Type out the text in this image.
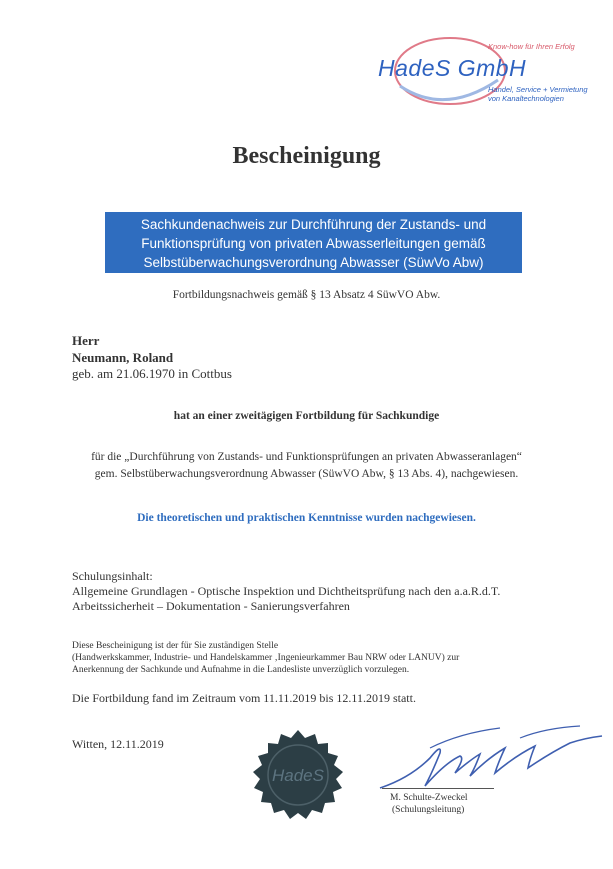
Know-how für Ihren Erfolg
HadeS GmbH
Handel, Service + Vermietung
von Kanaltechnologien
Bescheinigung
Sachkundenachweis zur Durchführung der Zustands- und
Funktionsprüfung von privaten Abwasserleitungen gemäß
Selbstüberwachungsverordnung Abwasser (SüwVo Abw)
Fortbildungsnachweis gemäß § 13 Absatz 4 SüwVO Abw.
Herr
Neumann, Roland
geb. am 21.06.1970 in Cottbus
hat an einer zweitägigen Fortbildung für Sachkundige
für die „Durchführung von Zustands- und Funktionsprüfungen an privaten Abwasseranlagen“
gem. Selbstüberwachungsverordnung Abwasser (SüwVO Abw, § 13 Abs. 4), nachgewiesen.
Die theoretischen und praktischen Kenntnisse wurden nachgewiesen.
Schulungsinhalt:
Allgemeine Grundlagen - Optische Inspektion und Dichtheitsprüfung nach den a.a.R.d.T.
Arbeitssicherheit – Dokumentation - Sanierungsverfahren
Diese Bescheinigung ist der für Sie zuständigen Stelle
(Handwerkskammer, Industrie- und Handelskammer ‚Ingenieurkammer Bau NRW oder LANUV) zur
Anerkennung der Sachkunde und Aufnahme in die Landesliste unverzüglich vorzulegen.
Die Fortbildung fand im Zeitraum vom 11.11.2019 bis 12.11.2019 statt.
Witten, 12.11.2019
HadeS
M. Schulte-Zweckel
(Schulungsleitung)
